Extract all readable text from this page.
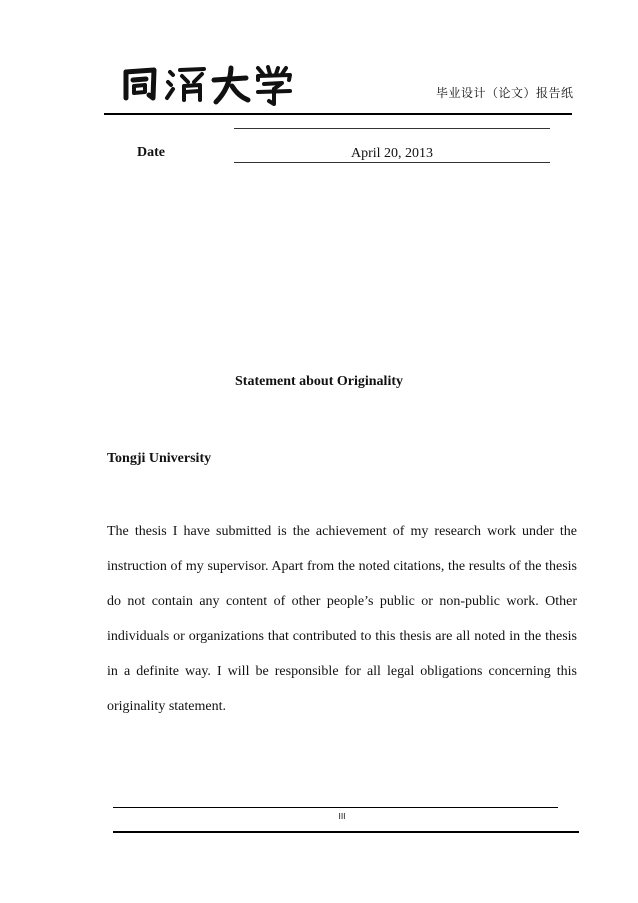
毕业设计（论文）报告纸
Date	April 20, 2013
Statement about Originality
Tongji University

The thesis I have submitted is the achievement of my research work under the instruction of my supervisor. Apart from the noted citations, the results of the thesis do not contain any content of other people’s public or non-public work. Other individuals or organizations that contributed to this thesis are all noted in the thesis in a definite way. I will be responsible for all legal obligations concerning this originality statement.

III
